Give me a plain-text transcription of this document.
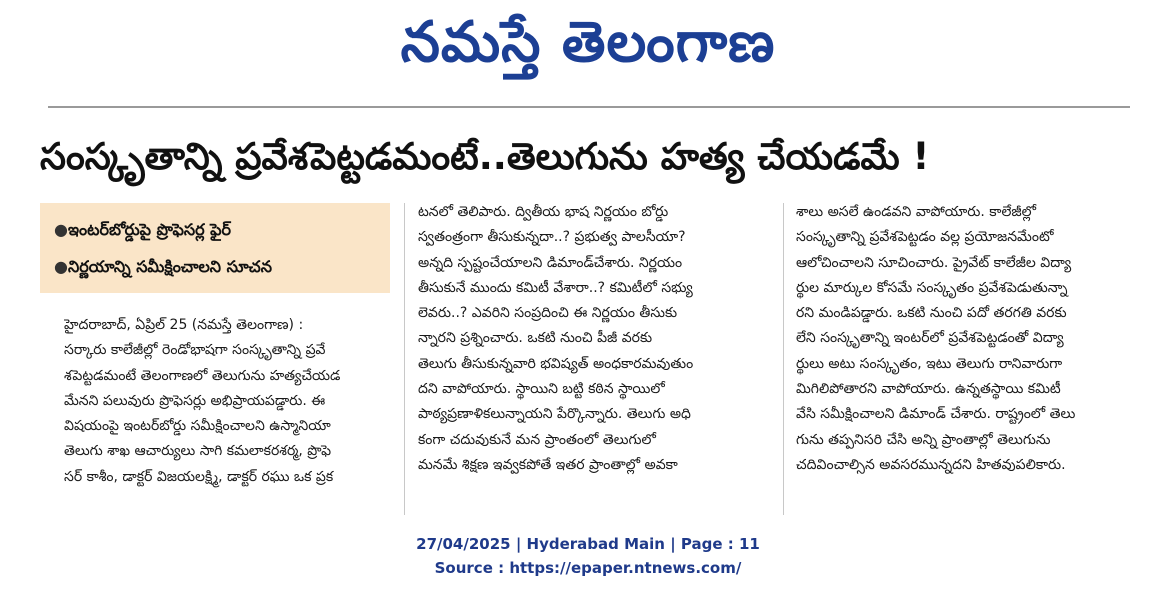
నమస్తే తెలంగాణ
సంస్కృతాన్ని ప్రవేశపెట్టడమంటే..తెలుగును హత్య చేయడమే !
●ఇంటర్‌బోర్డుపై ప్రొఫెసర్ల ఫైర్
●నిర్ణయాన్ని సమీక్షించాలని సూచన
హైదరాబాద్, ఏప్రిల్ 25 (నమస్తే తెలంగాణ) :
సర్కారు కాలేజీల్లో రెండోభాషగా సంస్కృతాన్ని ప్రవే
శపెట్టడమంటే తెలంగాణలో తెలుగును హత్యచేయడ
మేనని పలువురు ప్రొఫెసర్లు అభిప్రాయపడ్డారు. ఈ
విషయంపై ఇంటర్‌బోర్డు సమీక్షించాలని ఉస్మానియా
తెలుగు శాఖ ఆచార్యులు సాగి కమలాకరశర్మ, ప్రొఫె
సర్ కాశీం, డాక్టర్ విజయలక్ష్మి, డాక్టర్ రఘు ఒక ప్రక
టనలో తెలిపారు. ద్వితీయ భాష నిర్ణయం బోర్డు
స్వతంత్రంగా తీసుకున్నదా..? ప్రభుత్వ పాలసీయా?
అన్నది స్పష్టంచేయాలని డిమాండ్‌చేశారు. నిర్ణయం
తీసుకునే ముందు కమిటీ వేశారా..? కమిటీలో సభ్యు
లెవరు..? ఎవరిని సంప్రదించి ఈ నిర్ణయం తీసుకు
న్నారని ప్రశ్నించారు. ఒకటి నుంచి పీజీ వరకు
తెలుగు తీసుకున్నవారి భవిష్యత్ అంధకారమవుతుం
దని వాపోయారు. స్థాయిని బట్టి కఠిన స్థాయిలో
పాఠ్యప్రణాళికలున్నాయని పేర్కొన్నారు. తెలుగు అధి
కంగా చదువుకునే మన ప్రాంతంలో తెలుగులో
మనమే శిక్షణ ఇవ్వకపోతే ఇతర ప్రాంతాల్లో అవకా
శాలు అసలే ఉండవని వాపోయారు. కాలేజీల్లో
సంస్కృతాన్ని ప్రవేశపెట్టడం వల్ల ప్రయోజనమేంటో
ఆలోచించాలని సూచించారు. ప్రైవేట్ కాలేజీల విద్యా
ర్థుల మార్కుల కోసమే సంస్కృతం ప్రవేశపెడుతున్నా
రని మండిపడ్డారు. ఒకటి నుంచి పదో తరగతి వరకు
లేని సంస్కృతాన్ని ఇంటర్‌లో ప్రవేశపెట్టడంతో విద్యా
ర్థులు అటు సంస్కృతం, ఇటు తెలుగు రానివారుగా
మిగిలిపోతారని వాపోయారు. ఉన్నతస్థాయి కమిటీ
వేసి సమీక్షించాలని డిమాండ్ చేశారు. రాష్ట్రంలో తెలు
గును తప్పనిసరి చేసి అన్ని ప్రాంతాల్లో తెలుగును
చదివించాల్సిన అవసరమున్నదని హితవుపలికారు.
27/04/2025 | Hyderabad Main | Page : 11
Source : https://epaper.ntnews.com/
